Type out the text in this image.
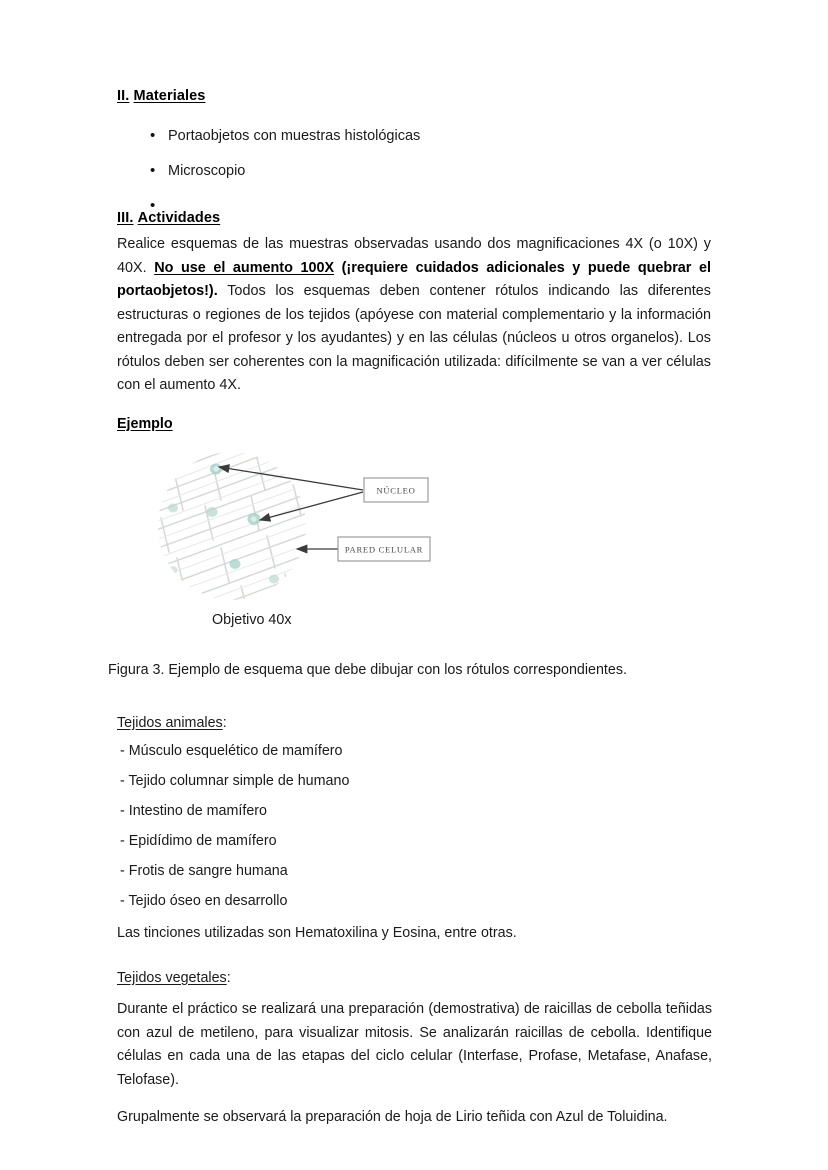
II. Materiales
• Portaobjetos con muestras histológicas
• Microscopio
•
III. Actividades

Realice esquemas de las muestras observadas usando dos magnificaciones 4X (o 10X) y 40X. No use el aumento 100X (¡requiere cuidados adicionales y puede quebrar el portaobjetos!). Todos los esquemas deben contener rótulos indicando las diferentes estructuras o regiones de los tejidos (apóyese con material complementario y la información entregada por el profesor y los ayudantes) y en las células (núcleos u otros organelos). Los rótulos deben ser coherentes con la magnificación utilizada: difícilmente se van a ver células con el aumento 4X.

Ejemplo
NÚCLEO
PARED CELULAR
Objetivo 40x
Figura 3. Ejemplo de esquema que debe dibujar con los rótulos correspondientes.
Tejidos animales:
- Músculo esquelético de mamífero
- Tejido columnar simple de humano
- Intestino de mamífero
- Epidídimo de mamífero
- Frotis de sangre humana
- Tejido óseo en desarrollo
Las tinciones utilizadas son Hematoxilina y Eosina, entre otras.
Tejidos vegetales:

Durante el práctico se realizará una preparación (demostrativa) de raicillas de cebolla teñidas con azul de metileno, para visualizar mitosis. Se analizarán raicillas de cebolla. Identifique células en cada una de las etapas del ciclo celular (Interfase, Profase, Metafase, Anafase, Telofase).

Grupalmente se observará la preparación de hoja de Lirio teñida con Azul de Toluidina.
